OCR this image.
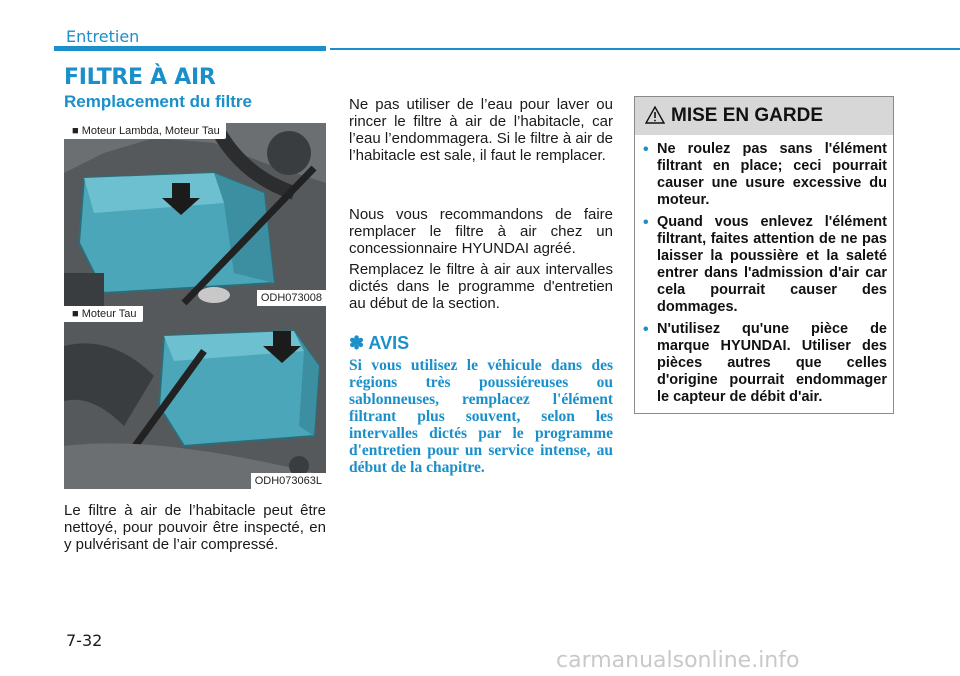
Entretien
FILTRE À AIR
Remplacement du filtre
■ Moteur Lambda, Moteur Tau
ODH073008
■ Moteur Tau
ODH073063L
Le filtre à air de l’habitacle peut être nettoyé, pour pouvoir être inspecté, en y pulvérisant de l’air compressé.
Ne pas utiliser de l’eau pour laver ou rincer le filtre à air de l’habitacle, car l’eau l’endommagera. Si le filtre à air de l’habitacle est sale, il faut le remplacer.
Nous vous recommandons de faire remplacer le filtre à air chez un concessionnaire HYUNDAI agréé.
Remplacez le filtre à air aux intervalles dictés dans le programme d'entretien au début de la section.
✽ AVIS
Si vous utilisez le véhicule dans des régions très poussiéreuses ou sablonneuses, remplacez l'élément filtrant plus souvent, selon les intervalles dictés par le programme d'entretien pour un service intense, au début de la chapitre.
MISE EN GARDE
• Ne roulez pas sans l'élément filtrant en place; ceci pourrait causer une usure excessive du moteur.
• Quand vous enlevez l'élément filtrant, faites attention de ne pas laisser la poussière et la saleté entrer dans l'admission d'air car cela pourrait causer des dommages.
• N'utilisez qu'une pièce de marque HYUNDAI. Utiliser des pièces autres que celles d'origine pourrait endommager le capteur de débit d'air.
7-32
carmanualsonline.info
